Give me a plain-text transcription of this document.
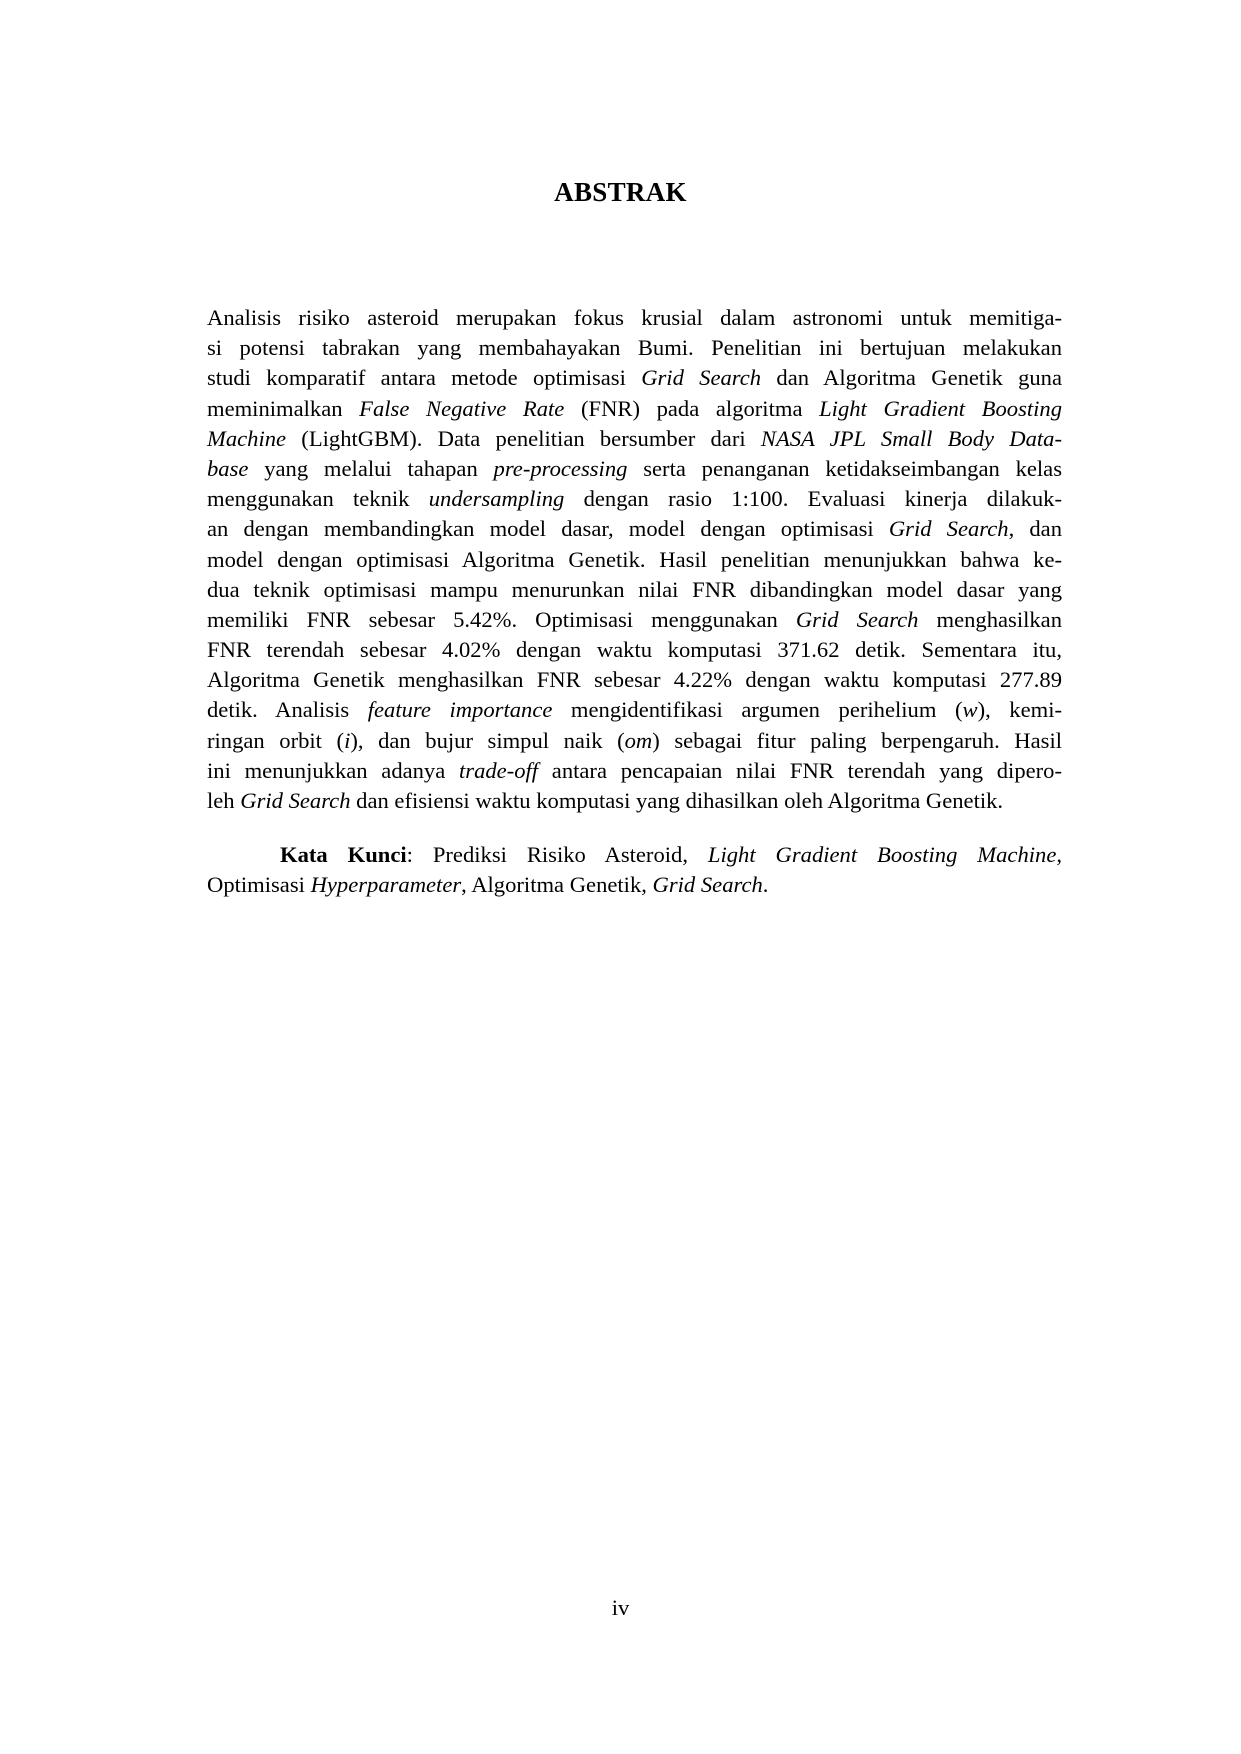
ABSTRAK
Analisis risiko asteroid merupakan fokus krusial dalam astronomi untuk memitiga-
si potensi tabrakan yang membahayakan Bumi. Penelitian ini bertujuan melakukan
studi komparatif antara metode optimisasi Grid Search dan Algoritma Genetik guna
meminimalkan False Negative Rate (FNR) pada algoritma Light Gradient Boosting
Machine (LightGBM). Data penelitian bersumber dari NASA JPL Small Body Data-
base yang melalui tahapan pre-processing serta penanganan ketidakseimbangan kelas
menggunakan teknik undersampling dengan rasio 1:100. Evaluasi kinerja dilakuk-
an dengan membandingkan model dasar, model dengan optimisasi Grid Search, dan
model dengan optimisasi Algoritma Genetik. Hasil penelitian menunjukkan bahwa ke-
dua teknik optimisasi mampu menurunkan nilai FNR dibandingkan model dasar yang
memiliki FNR sebesar 5.42%. Optimisasi menggunakan Grid Search menghasilkan
FNR terendah sebesar 4.02% dengan waktu komputasi 371.62 detik. Sementara itu,
Algoritma Genetik menghasilkan FNR sebesar 4.22% dengan waktu komputasi 277.89
detik. Analisis feature importance mengidentifikasi argumen perihelium (w), kemi-
ringan orbit (i), dan bujur simpul naik (om) sebagai fitur paling berpengaruh. Hasil
ini menunjukkan adanya trade-off antara pencapaian nilai FNR terendah yang dipero-
leh Grid Search dan efisiensi waktu komputasi yang dihasilkan oleh Algoritma Genetik.
Kata Kunci: Prediksi Risiko Asteroid, Light Gradient Boosting Machine,
Optimisasi Hyperparameter, Algoritma Genetik, Grid Search.
iv
